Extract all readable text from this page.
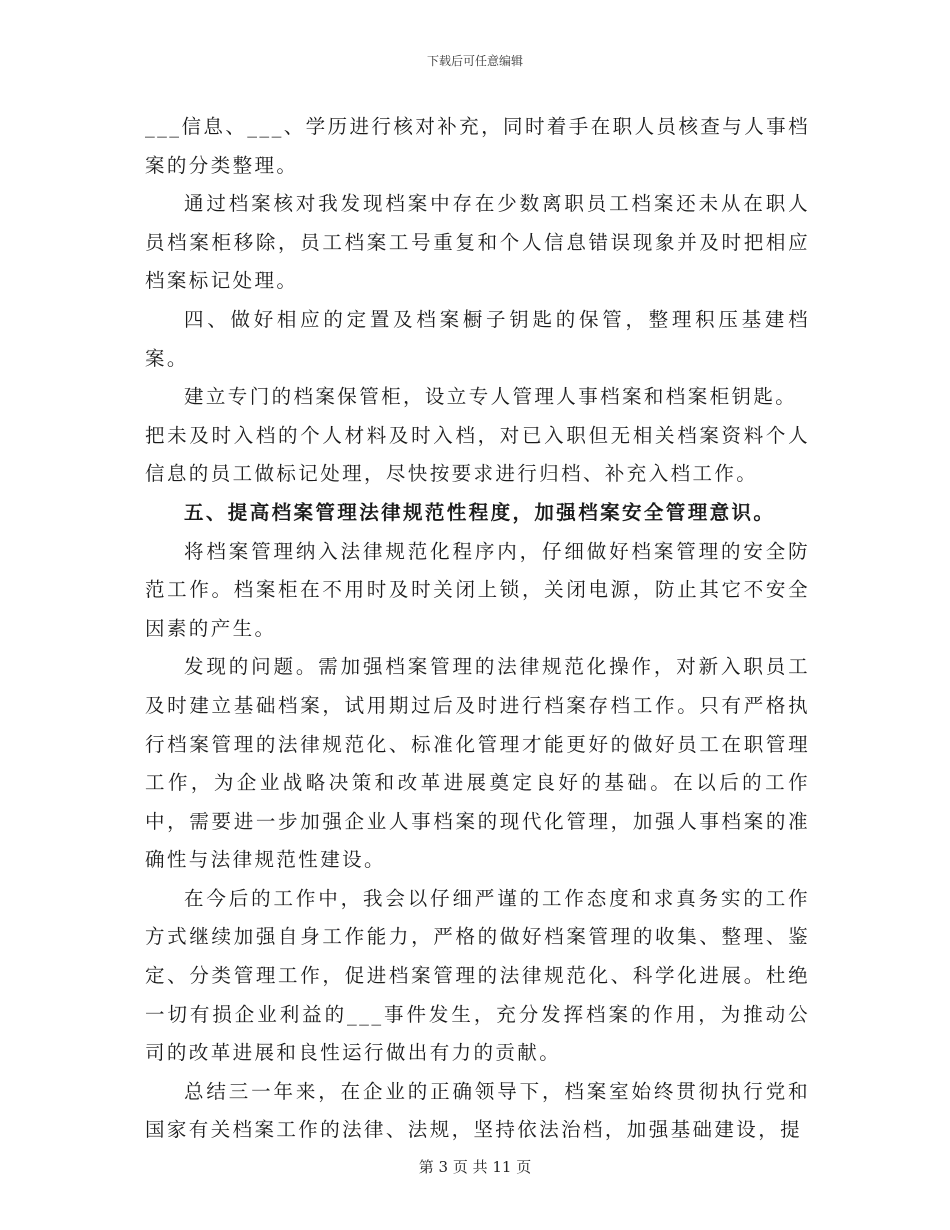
下载后可任意编辑

___信息、___、学历进行核对补充，同时着手在职人员核查与人事档案的分类整理。

通过档案核对我发现档案中存在少数离职员工档案还未从在职人员档案柜移除，员工档案工号重复和个人信息错误现象并及时把相应档案标记处理。

四、做好相应的定置及档案橱子钥匙的保管，整理积压基建档案。

建立专门的档案保管柜，设立专人管理人事档案和档案柜钥匙。

把未及时入档的个人材料及时入档，对已入职但无相关档案资料个人信息的员工做标记处理，尽快按要求进行归档、补充入档工作。

五、提高档案管理法律规范性程度，加强档案安全管理意识。

将档案管理纳入法律规范化程序内，仔细做好档案管理的安全防范工作。档案柜在不用时及时关闭上锁，关闭电源，防止其它不安全因素的产生。

发现的问题。需加强档案管理的法律规范化操作，对新入职员工及时建立基础档案，试用期过后及时进行档案存档工作。只有严格执行档案管理的法律规范化、标准化管理才能更好的做好员工在职管理工作，为企业战略决策和改革进展奠定良好的基础。在以后的工作中，需要进一步加强企业人事档案的现代化管理，加强人事档案的准确性与法律规范性建设。

在今后的工作中，我会以仔细严谨的工作态度和求真务实的工作方式继续加强自身工作能力，严格的做好档案管理的收集、整理、鉴定、分类管理工作，促进档案管理的法律规范化、科学化进展。杜绝一切有损企业利益的___事件发生，充分发挥档案的作用，为推动公司的改革进展和良性运行做出有力的贡献。

总结三一年来，在企业的正确领导下，档案室始终贯彻执行党和国家有关档案工作的法律、法规，坚持依法治档，加强基础建设，提

第 3 页 共 11 页
